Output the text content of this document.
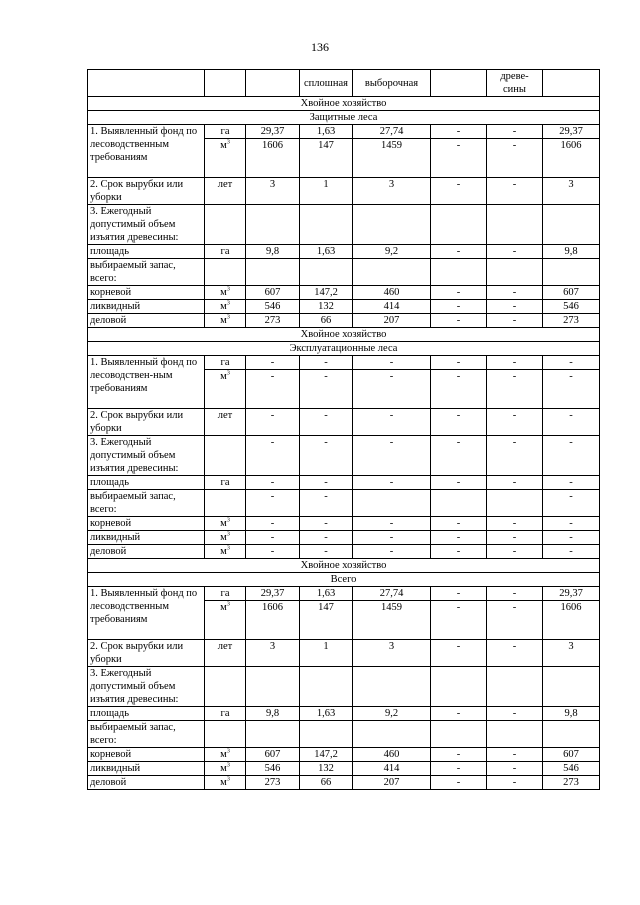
136
			сплошная	выборочная		древе-
сины	
Хвойное хозяйство							
Защитные леса							
1. Выявленный фонд по лесоводственным требованиям	га	29,37	1,63	27,74	-	-	29,37
	$м^3$	1606	147	1459	-	-	1606
2. Срок вырубки или уборки	лет	3	1	3	-	-	3
3. Ежегодный допустимый объем изъятия древесины:							
площадь	га	9,8	1,63	9,2	-	-	9,8
выбираемый запас, всего:							
корневой	$м^3$	607	147,2	460	-	-	607
ликвидный	$м^3$	546	132	414	-	-	546
деловой	$м^3$	273	66	207	-	-	273
Хвойное хозяйство							
Эксплуатационные леса							
1. Выявленный фонд по лесоводствен-ным требованиям	га	-	-	-	-	-	-
	$м^3$	-	-	-	-	-	-
2. Срок вырубки или уборки	лет	-	-	-	-	-	-
3. Ежегодный допустимый объем изъятия древесины:		-	-	-	-	-	-
площадь	га	-	-	-	-	-	-
выбираемый запас, всего:		-	-				-
корневой	$м^3$	-	-	-	-	-	-
ликвидный	$м^3$	-	-	-	-	-	-
деловой	$м^3$	-	-	-	-	-	-
Хвойное хозяйство							
Всего							
1. Выявленный фонд по лесоводственным требованиям	га	29,37	1,63	27,74	-	-	29,37
	$м^3$	1606	147	1459	-	-	1606
2. Срок вырубки или уборки	лет	3	1	3	-	-	3
3. Ежегодный допустимый объем изъятия древесины:							
площадь	га	9,8	1,63	9,2	-	-	9,8
выбираемый запас, всего:							
корневой	$м^3$	607	147,2	460	-	-	607
ликвидный	$м^3$	546	132	414	-	-	546
деловой	$м^3$	273	66	207	-	-	273
